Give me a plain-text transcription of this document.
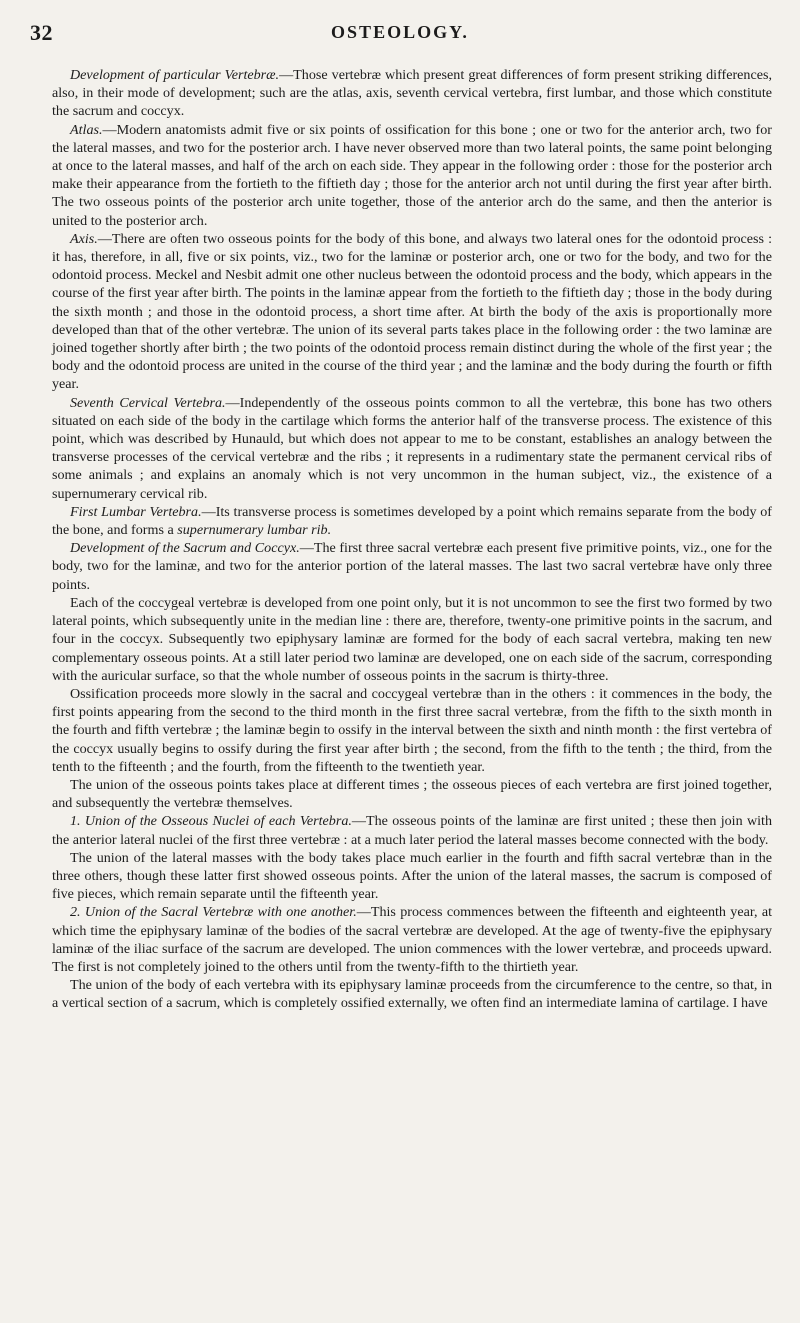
32	OSTEOLOGY.

Development of particular Vertebræ.—Those vertebræ which present great differences of form present striking differences, also, in their mode of development; such are the atlas, axis, seventh cervical vertebra, first lumbar, and those which constitute the sacrum and coccyx.

Atlas.—Modern anatomists admit five or six points of ossification for this bone ; one or two for the anterior arch, two for the lateral masses, and two for the posterior arch. I have never observed more than two lateral points, the same point belonging at once to the lateral masses, and half of the arch on each side. They appear in the following order : those for the posterior arch make their appearance from the fortieth to the fiftieth day ; those for the anterior arch not until during the first year after birth. The two osseous points of the posterior arch unite together, those of the anterior arch do the same, and then the anterior is united to the posterior arch.

Axis.—There are often two osseous points for the body of this bone, and always two lateral ones for the odontoid process : it has, therefore, in all, five or six points, viz., two for the laminæ or posterior arch, one or two for the body, and two for the odontoid process. Meckel and Nesbit admit one other nucleus between the odontoid process and the body, which appears in the course of the first year after birth. The points in the laminæ appear from the fortieth to the fiftieth day ; those in the body during the sixth month ; and those in the odontoid process, a short time after. At birth the body of the axis is proportionally more developed than that of the other vertebræ. The union of its several parts takes place in the following order : the two laminæ are joined together shortly after birth ; the two points of the odontoid process remain distinct during the whole of the first year ; the body and the odontoid process are united in the course of the third year ; and the laminæ and the body during the fourth or fifth year.

Seventh Cervical Vertebra.—Independently of the osseous points common to all the vertebræ, this bone has two others situated on each side of the body in the cartilage which forms the anterior half of the transverse process. The existence of this point, which was described by Hunauld, but which does not appear to me to be constant, establishes an analogy between the transverse processes of the cervical vertebræ and the ribs ; it represents in a rudimentary state the permanent cervical ribs of some animals ; and explains an anomaly which is not very uncommon in the human subject, viz., the existence of a supernumerary cervical rib.

First Lumbar Vertebra.—Its transverse process is sometimes developed by a point which remains separate from the body of the bone, and forms a supernumerary lumbar rib.

Development of the Sacrum and Coccyx.—The first three sacral vertebræ each present five primitive points, viz., one for the body, two for the laminæ, and two for the anterior portion of the lateral masses. The last two sacral vertebræ have only three points.

Each of the coccygeal vertebræ is developed from one point only, but it is not uncommon to see the first two formed by two lateral points, which subsequently unite in the median line : there are, therefore, twenty-one primitive points in the sacrum, and four in the coccyx. Subsequently two epiphysary laminæ are formed for the body of each sacral vertebra, making ten new complementary osseous points. At a still later period two laminæ are developed, one on each side of the sacrum, corresponding with the auricular surface, so that the whole number of osseous points in the sacrum is thirty-three.

Ossification proceeds more slowly in the sacral and coccygeal vertebræ than in the others : it commences in the body, the first points appearing from the second to the third month in the first three sacral vertebræ, from the fifth to the sixth month in the fourth and fifth vertebræ ; the laminæ begin to ossify in the interval between the sixth and ninth month : the first vertebra of the coccyx usually begins to ossify during the first year after birth ; the second, from the fifth to the tenth ; the third, from the tenth to the fifteenth ; and the fourth, from the fifteenth to the twentieth year.

The union of the osseous points takes place at different times ; the osseous pieces of each vertebra are first joined together, and subsequently the vertebræ themselves.

1. Union of the Osseous Nuclei of each Vertebra.—The osseous points of the laminæ are first united ; these then join with the anterior lateral nuclei of the first three vertebræ : at a much later period the lateral masses become connected with the body.

The union of the lateral masses with the body takes place much earlier in the fourth and fifth sacral vertebræ than in the three others, though these latter first showed osseous points. After the union of the lateral masses, the sacrum is composed of five pieces, which remain separate until the fifteenth year.

2. Union of the Sacral Vertebræ with one another.—This process commences between the fifteenth and eighteenth year, at which time the epiphysary laminæ of the bodies of the sacral vertebræ are developed. At the age of twenty-five the epiphysary laminæ of the iliac surface of the sacrum are developed. The union commences with the lower vertebræ, and proceeds upward. The first is not completely joined to the others until from the twenty-fifth to the thirtieth year.

The union of the body of each vertebra with its epiphysary laminæ proceeds from the circumference to the centre, so that, in a vertical section of a sacrum, which is completely ossified externally, we often find an intermediate lamina of cartilage. I have
